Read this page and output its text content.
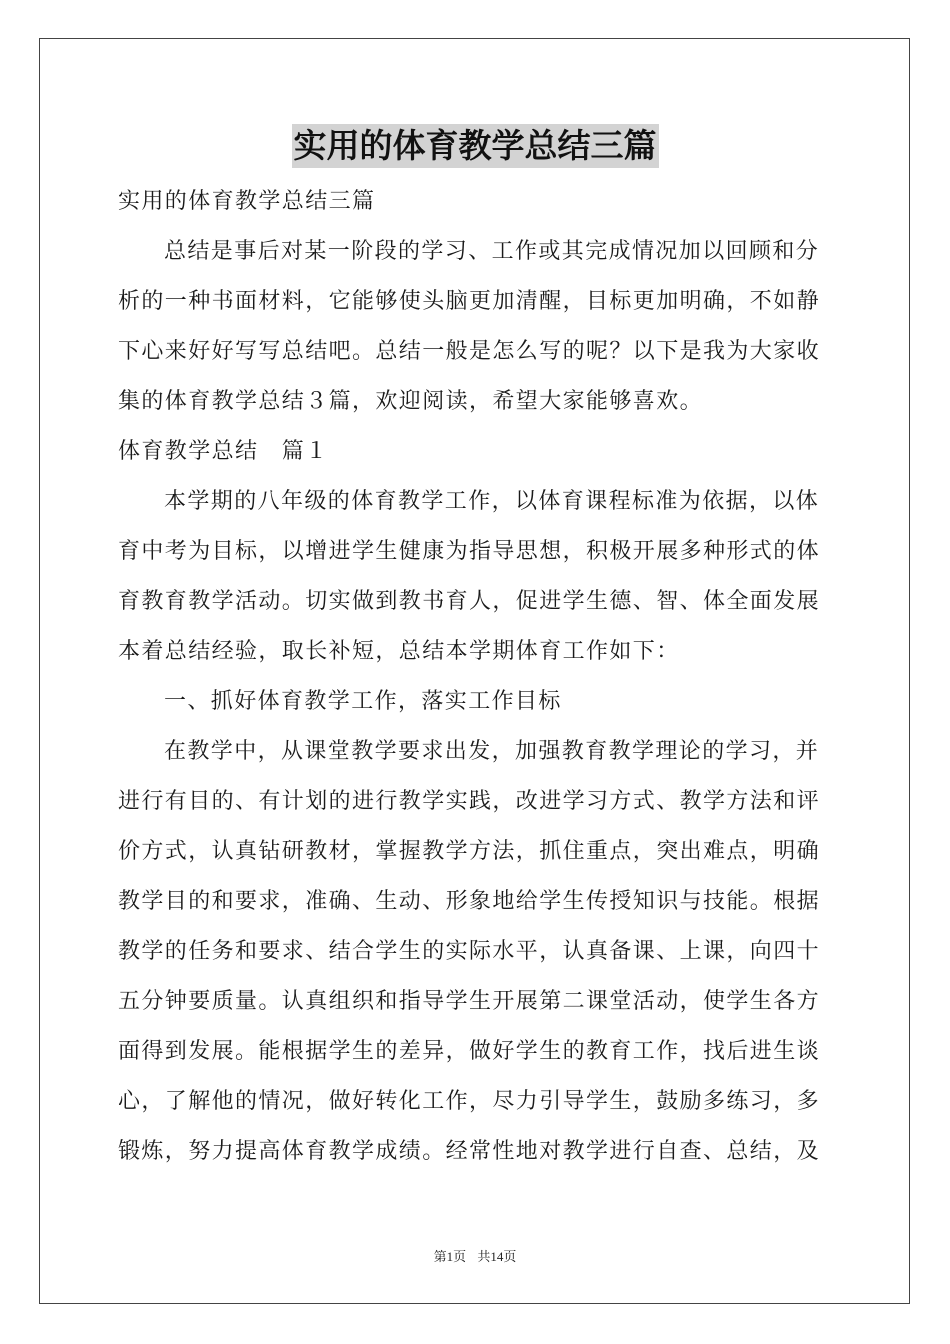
实用的体育教学总结三篇
实用的体育教学总结三篇
总结是事后对某一阶段的学习、工作或其完成情况加以回顾和分
析的一种书面材料，它能够使头脑更加清醒，目标更加明确，不如静
下心来好好写写总结吧。总结一般是怎么写的呢？以下是我为大家收
集的体育教学总结３篇，欢迎阅读，希望大家能够喜欢。
体育教学总结　篇１
本学期的八年级的体育教学工作，以体育课程标准为依据，以体
育中考为目标，以增进学生健康为指导思想，积极开展多种形式的体
育教育教学活动。切实做到教书育人，促进学生德、智、体全面发展
本着总结经验，取长补短，总结本学期体育工作如下：
一、抓好体育教学工作，落实工作目标
在教学中，从课堂教学要求出发，加强教育教学理论的学习，并
进行有目的、有计划的进行教学实践，改进学习方式、教学方法和评
价方式，认真钻研教材，掌握教学方法，抓住重点，突出难点，明确
教学目的和要求，准确、生动、形象地给学生传授知识与技能。根据
教学的任务和要求、结合学生的实际水平，认真备课、上课，向四十
五分钟要质量。认真组织和指导学生开展第二课堂活动，使学生各方
面得到发展。能根据学生的差异，做好学生的教育工作，找后进生谈
心，了解他的情况，做好转化工作，尽力引导学生，鼓励多练习，多
锻炼，努力提高体育教学成绩。经常性地对教学进行自查、总结，及
第1页 共14页
